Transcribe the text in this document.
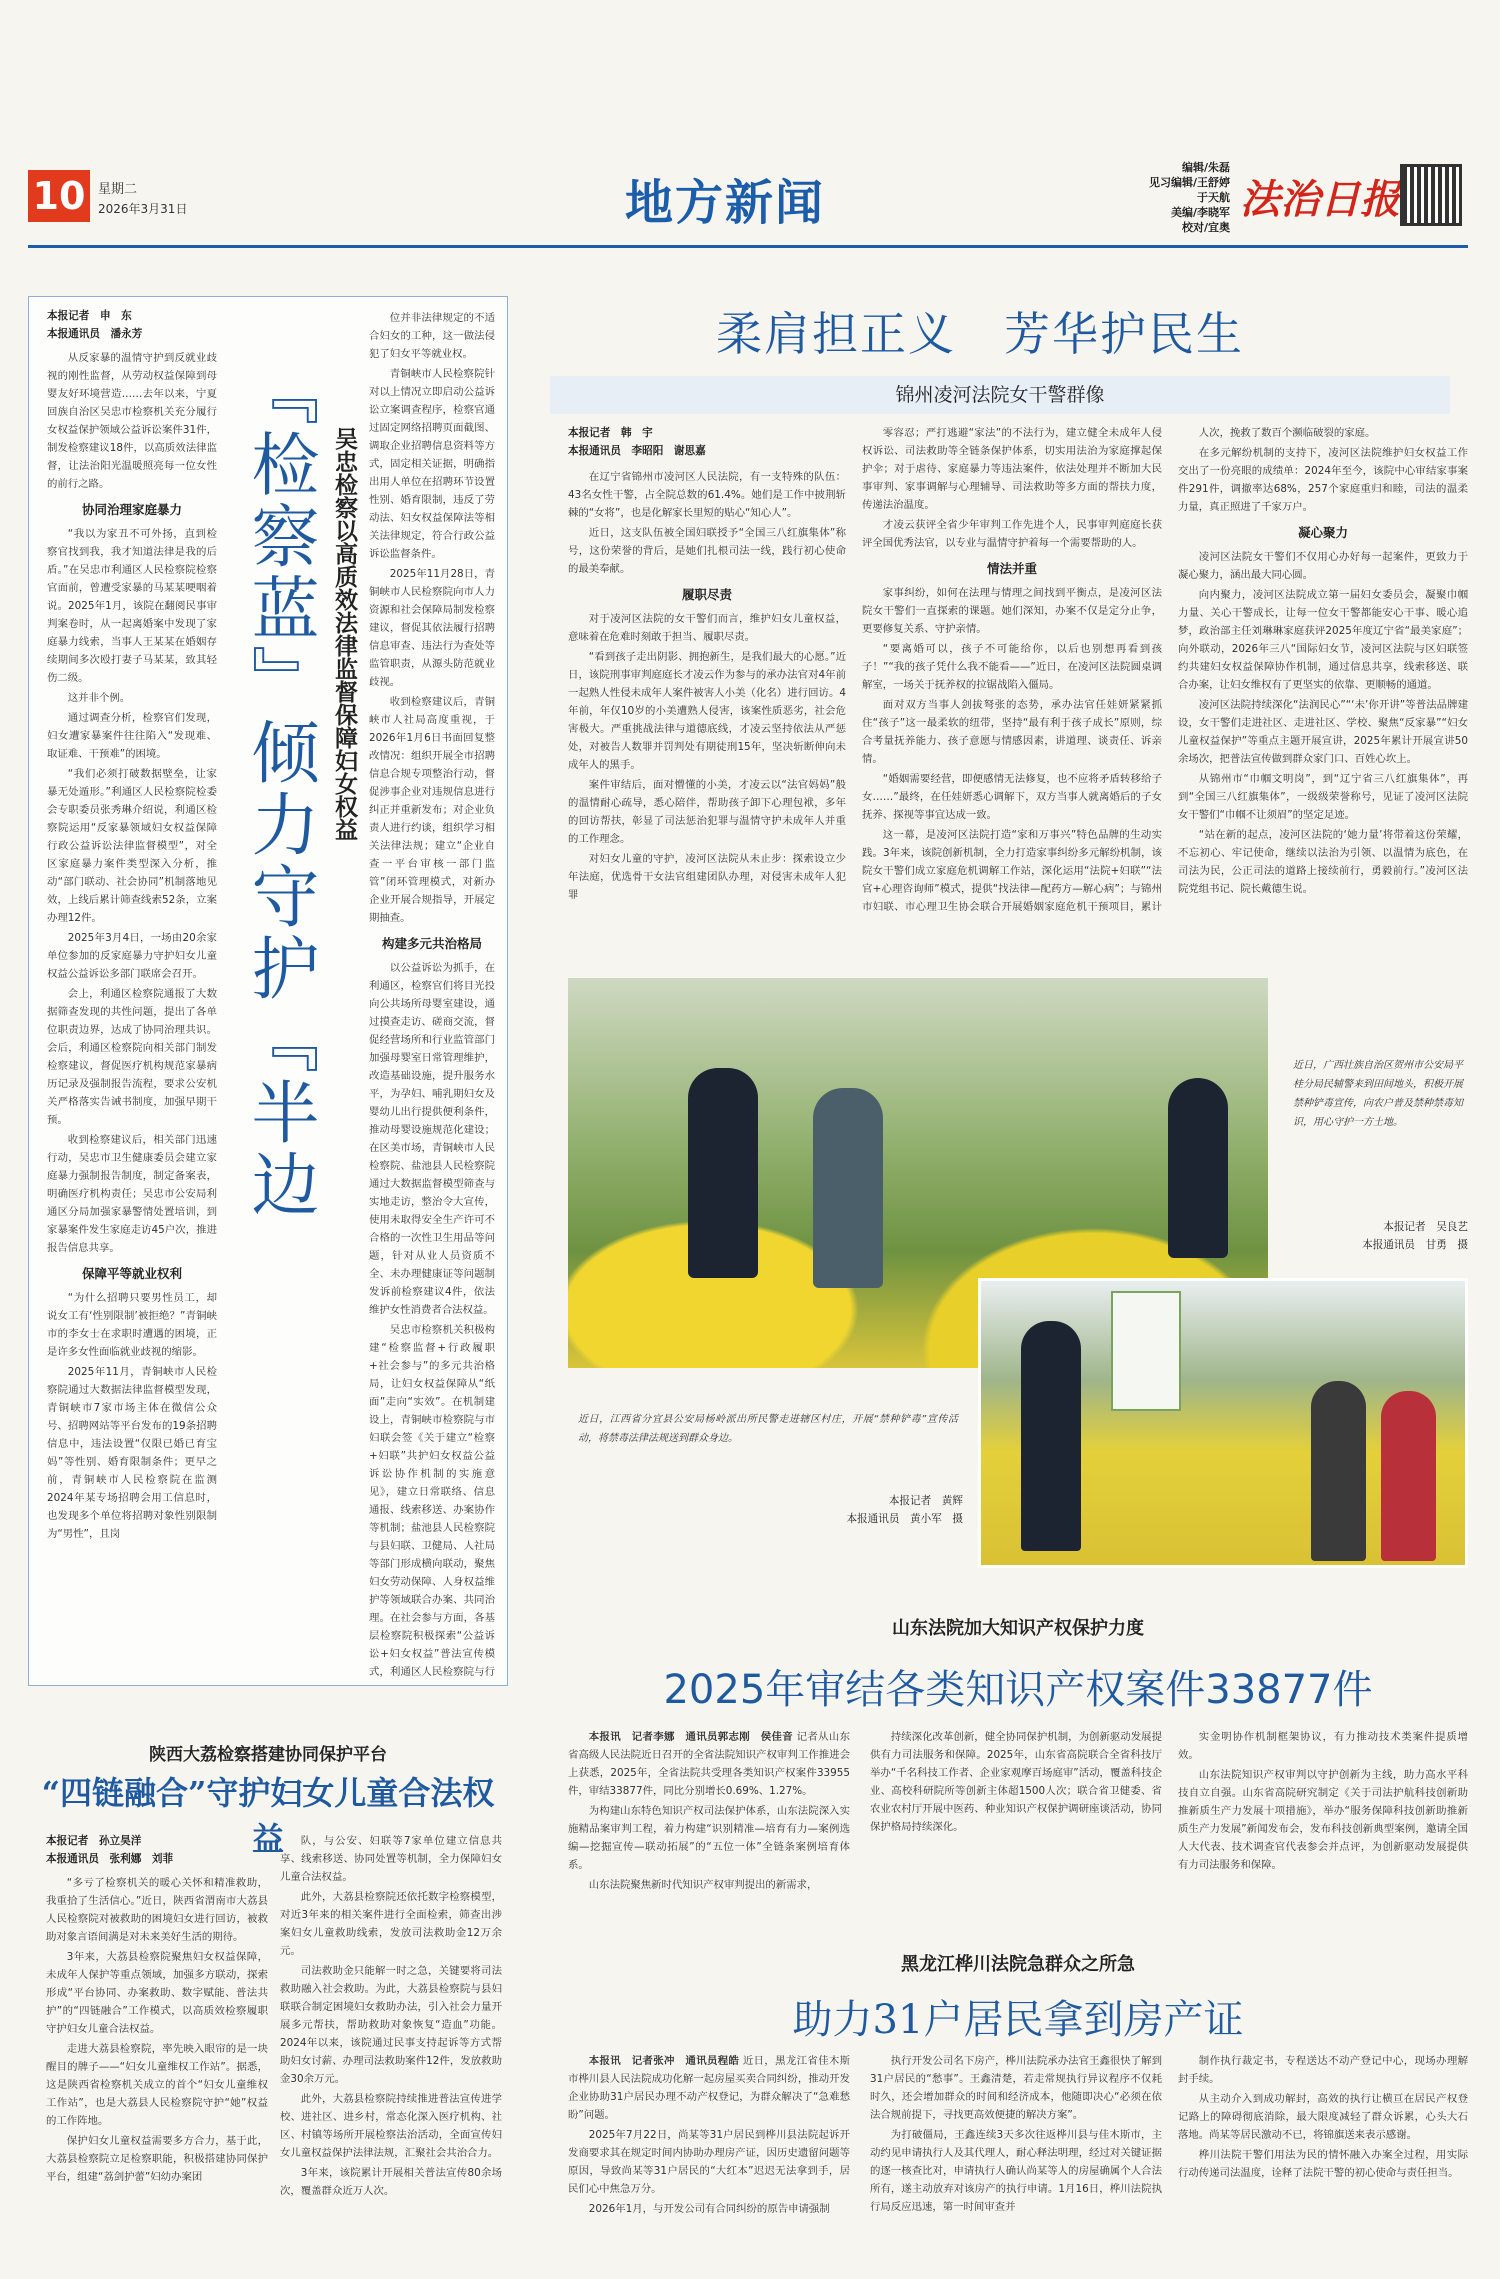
10 星期二
2026年3月31日	地方新闻
编辑/朱磊
见习编辑/王舒婷
于天航
美编/李晓军
校对/宜奥
法治日报
本报记者　申　东
本报通讯员　潘永芳

从反家暴的温情守护到反就业歧视的刚性监督，从劳动权益保障到母婴友好环境营造……去年以来，宁夏回族自治区吴忠市检察机关充分履行女权益保护领域公益诉讼案件31件，制发检察建议18件，以高质效法律监督，让法治阳光温暖照亮每一位女性的前行之路。

协同治理家庭暴力

“我以为家丑不可外扬，直到检察官找到我，我才知道法律是我的后盾。”在吴忠市利通区人民检察院检察官面前，曾遭受家暴的马某某哽咽着说。2025年1月，该院在翻阅民事审判案卷时，从一起离婚案中发现了家庭暴力线索，当事人王某某在婚姻存续期间多次殴打妻子马某某，致其轻伤二级。

这并非个例。

通过调查分析，检察官们发现，妇女遭家暴案件往往陷入“发现难、取证难、干预难”的困境。

“我们必须打破数据壁垒，让家暴无处遁形。”利通区人民检察院检委会专职委员张秀琳介绍说，利通区检察院运用“反家暴领域妇女权益保障行政公益诉讼法律监督模型”，对全区家庭暴力案件类型深入分析，推动“部门联动、社会协同”机制落地见效，上线后累计筛查线索52条，立案办理12件。

2025年3月4日，一场由20余家单位参加的反家庭暴力守护妇女儿童权益公益诉讼多部门联席会召开。

会上，利通区检察院通报了大数据筛查发现的共性问题，提出了各单位职责边界，达成了协同治理共识。会后，利通区检察院向相关部门制发检察建议，督促医疗机构规范家暴病历记录及强制报告流程，要求公安机关严格落实告诫书制度，加强早期干预。

收到检察建议后，相关部门迅速行动，吴忠市卫生健康委员会建立家庭暴力强制报告制度，制定备案表，明确医疗机构责任；吴忠市公安局利通区分局加强家暴警情处置培训，到家暴案件发生家庭走访45户次，推进报告信息共享。

保障平等就业权利

“为什么招聘只要男性员工，却说女工有‘性别限制’被拒绝？”青铜峡市的李女士在求职时遭遇的困境，正是许多女性面临就业歧视的缩影。

2025年11月，青铜峡市人民检察院通过大数据法律监督模型发现，青铜峡市7家市场主体在微信公众号、招聘网站等平台发布的19条招聘信息中，违法设置“仅限已婚已育宝妈”等性别、婚育限制条件；更早之前，青铜峡市人民检察院在监测2024年某专场招聘会用工信息时，也发现多个单位将招聘对象性别限制为“男性”，且岗

『检察蓝』倾力守护『半边
吴忠检察以高质效法律监督保障妇女权益

位并非法律规定的不适合妇女的工种，这一做法侵犯了妇女平等就业权。

青铜峡市人民检察院针对以上情况立即启动公益诉讼立案调查程序，检察官通过固定网络招聘页面截图、调取企业招聘信息资料等方式，固定相关证据，明确指出用人单位在招聘环节设置性别、婚育限制，违反了劳动法、妇女权益保障法等相关法律规定，符合行政公益诉讼监督条件。

2025年11月28日，青铜峡市人民检察院向市人力资源和社会保障局制发检察建议，督促其依法履行招聘信息审查、违法行为查处等监管职责，从源头防范就业歧视。

收到检察建议后，青铜峡市人社局高度重视，于2026年1月6日书面回复整改情况：组织开展全市招聘信息合规专项整治行动，督促涉事企业对违规信息进行纠正并重新发布；对企业负责人进行约谈，组织学习相关法律法规；建立“企业自查一平台审核一部门监管”闭环管理模式，对新办企业开展合规指导，开展定期抽查。

构建多元共治格局

以公益诉讼为抓手，在利通区，检察官们将目光投向公共场所母婴室建设，通过摸查走访、磋商交流，督促经营场所和行业监管部门加强母婴室日常管理维护，改造基础设施，提升服务水平，为孕妇、哺乳期妇女及婴幼儿出行提供便利条件，推动母婴设施规范化建设；在区美市场，青铜峡市人民检察院、盐池县人民检察院通过大数据监督模型筛查与实地走访，整治令大宣传，使用未取得安全生产许可不合格的一次性卫生用品等问题，针对从业人员资质不全、未办理健康证等问题制发诉前检察建议4件，依法维护女性消费者合法权益。

吴忠市检察机关积极构建“检察监督+行政履职+社会参与”的多元共治格局，让妇女权益保障从“纸面”走向“实效”。在机制建设上，青铜峡市检察院与市妇联会签《关于建立“检察+妇联”共护妇女权益公益诉讼协作机制的实施意见》，建立日常联络、信息通报、线索移送、办案协作等机制；盐池县人民检察院与县妇联、卫健局、人社局等部门形成横向联动，聚焦妇女劳动保障、人身权益维护等领域联合办案、共同治理。在社会参与方面，各基层检察院积极探索“公益诉讼+妇女权益”普法宣传模式，利通区人民检察院与行

陕西大荔检察搭建协同保护平台
“四链融合”守护妇女儿童合法权益
本报记者　孙立昊洋
本报通讯员　张利娜　刘菲

“多亏了检察机关的暖心关怀和精准救助，我重拾了生活信心。”近日，陕西省渭南市大荔县人民检察院对被救助的困境妇女进行回访，被救助对象言语间满是对未来美好生活的期待。

3年来，大荔县检察院聚焦妇女权益保障，未成年人保护等重点领域，加强多方联动，探索形成“平台协同、办案救助、数字赋能、普法共护”的“四链融合”工作模式，以高质效检察履职守护妇女儿童合法权益。

走进大荔县检察院，率先映入眼帘的是一块醒目的牌子——“妇女儿童维权工作站”。据悉，这是陕西省检察机关成立的首个“妇女儿童维权工作站”，也是大荔县人民检察院守护“她”权益的工作阵地。

保护妇女儿童权益需要多方合力，基于此，大荔县检察院立足检察职能，积极搭建协同保护平台，组建“荔剑护蕾”妇幼办案团

队，与公安、妇联等7家单位建立信息共享、线索移送、协同处置等机制，全力保障妇女儿童合法权益。

此外，大荔县检察院还依托数字检察模型，对近3年来的相关案件进行全面检索，筛查出涉案妇女儿童救助线索，发放司法救助金12万余元。

司法救助金只能解一时之急，关键要将司法救助融入社会救助。为此，大荔县检察院与县妇联联合制定困境妇女救助办法，引入社会力量开展多元帮扶，帮助救助对象恢复“造血”功能。2024年以来，该院通过民事支持起诉等方式帮助妇女讨薪、办理司法救助案件12件，发放救助金30余万元。

此外，大荔县检察院持续推进普法宣传进学校、进社区、进乡村，常态化深入医疗机构、社区、村镇等场所开展检察法治活动，全面宣传妇女儿童权益保护法律法规，汇聚社会共治合力。

3年来，该院累计开展相关普法宣传80余场次，覆盖群众近万人次。

柔肩担正义　芳华护民生
锦州凌河法院女干警群像
本报记者　韩　宇
本报通讯员　李昭阳　谢思嘉

在辽宁省锦州市凌河区人民法院，有一支特殊的队伍：43名女性干警，占全院总数的61.4%。她们是工作中披荆斩棘的“女将”，也是化解家长里短的贴心“知心人”。

近日，这支队伍被全国妇联授予“全国三八红旗集体”称号，这份荣誉的背后，是她们扎根司法一线，践行初心使命的最美奉献。

履职尽责

对于凌河区法院的女干警们而言，维护妇女儿童权益，意味着在危难时刻敢于担当、履职尽责。

“看到孩子走出阴影、拥抱新生，是我们最大的心愿。”近日，该院刑事审判庭庭长才凌云作为参与的承办法官对4年前一起熟人性侵未成年人案件被害人小美（化名）进行回访。4年前，年仅10岁的小美遭熟人侵害，该案性质恶劣，社会危害极大。严重挑战法律与道德底线，才凌云坚持依法从严惩处，对被告人数罪并罚判处有期徒刑15年，坚决斩断伸向未成年人的黑手。

案件审结后，面对懵懂的小美，才凌云以“法官妈妈”般的温情耐心疏导，悉心陪伴，帮助孩子卸下心理包袱，多年的回访帮扶，彰显了司法惩治犯罪与温情守护未成年人并重的工作理念。

对妇女儿童的守护，凌河区法院从未止步：探索设立少年法庭，优选骨干女法官组建团队办理，对侵害未成年人犯罪

零容忍；严打逃避“家法”的不法行为，建立健全未成年人侵权诉讼、司法救助等全链条保护体系，切实用法治为家庭撑起保护伞；对于虐待、家庭暴力等违法案件，依法处理并不断加大民事审判、家事调解与心理辅导、司法救助等多方面的帮扶力度，传递法治温度。

才凌云获评全省少年审判工作先进个人，民事审判庭庭长获评全国优秀法官，以专业与温情守护着每一个需要帮助的人。

情法并重

家事纠纷，如何在法理与情理之间找到平衡点，是凌河区法院女干警们一直探索的课题。她们深知，办案不仅是定分止争，更要修复关系、守护亲情。

“要离婚可以，孩子不可能给你，以后也别想再看到孩子！”“我的孩子凭什么我不能看——”近日，在凌河区法院圆桌调解室，一场关于抚养权的拉锯战陷入僵局。

面对双方当事人剑拔弩张的态势，承办法官任娃妍紧紧抓住“孩子”这一最柔软的纽带，坚持“最有利于孩子成长”原则，综合考量抚养能力、孩子意愿与情感因素，讲道理、谈责任、诉亲情。

“婚姻需要经营，即便感情无法修复，也不应将矛盾转移给子女……”最终，在任娃妍悉心调解下，双方当事人就离婚后的子女抚养、探视等事宜达成一致。

这一幕，是凌河区法院打造“家和万事兴”特色品牌的生动实践。3年来，该院创新机制，全力打造家事纠纷多元解纷机制，该院女干警们成立家庭危机调解工作站，深化运用“法院+妇联”“法官+心理咨询师”模式，提供“找法律—配药方—解心病”；与锦州市妇联、市心理卫生协会联合开展婚姻家庭危机干预项目，累计

人次，挽救了数百个濒临破裂的家庭。

在多元解纷机制的支持下，凌河区法院维护妇女权益工作交出了一份亮眼的成绩单：2024年至今，该院中心审结家事案件291件，调撤率达68%，257个家庭重归和睦，司法的温柔力量，真正照进了千家万户。

凝心聚力

凌河区法院女干警们不仅用心办好每一起案件，更致力于凝心聚力，涵出最大同心圆。

向内聚力，凌河区法院成立第一届妇女委员会，凝聚巾帼力量、关心干警成长，让每一位女干警都能安心干事、暖心追梦，政治部主任刘琳琳家庭获评2025年度辽宁省“最美家庭”；向外联动，2026年三八“国际妇女节，凌河区法院与区妇联签约共建妇女权益保障协作机制，通过信息共享，线索移送、联合办案，让妇女维权有了更坚实的依靠、更顺畅的通道。

凌河区法院持续深化“法润民心”“‘未’你开讲”等普法品牌建设，女干警们走进社区、走进社区、学校、聚焦“反家暴”“妇女儿童权益保护”等重点主题开展宣讲，2025年累计开展宣讲50余场次，把普法宣传做到群众家门口、百姓心坎上。

从锦州市“巾帼文明岗”，到“辽宁省三八红旗集体”，再到“全国三八红旗集体”，一级级荣誉称号，见证了凌河区法院女干警们“巾帼不让须眉”的坚定足迹。

“站在新的起点，凌河区法院的‘她力量’将带着这份荣耀，不忘初心、牢记使命，继续以法治为引领、以温情为底色，在司法为民，公正司法的道路上接续前行，勇毅前行。”凌河区法院党组书记、院长戴德生说。

近日，广西壮族自治区贺州市公安局平桂分局民辅警来到田间地头，积极开展禁种铲毒宣传，向农户普及禁种禁毒知识，用心守护一方土地。
本报记者　吴良艺
本报通讯员　甘勇　摄
近日，江西省分宜县公安局杨岭派出所民警走进辖区村庄，开展“禁种铲毒”宣传活动，将禁毒法律法规送到群众身边。
本报记者　黄辉
本报通讯员　黄小军　摄
山东法院加大知识产权保护力度
2025年审结各类知识产权案件33877件

本报讯　记者李娜　通讯员郭志刚　侯佳音 记者从山东省高级人民法院近日召开的全省法院知识产权审判工作推进会上获悉，2025年，全省法院共受理各类知识产权案件33955件，审结33877件，同比分别增长0.69%、1.27%。

为构建山东特色知识产权司法保护体系，山东法院深入实施精品案审判工程，着力构建“识别精准—培育有力—案例选编—挖掘宣传—联动拓展”的“五位一体”全链条案例培育体系。

山东法院聚焦新时代知识产权审判提出的新需求，

持续深化改革创新，健全协同保护机制，为创新驱动发展提供有力司法服务和保障。2025年，山东省高院联合全省科技厅举办“千名科技工作者、企业家观摩百场庭审”活动，覆盖科技企业、高校科研院所等创新主体超1500人次；联合省卫健委、省农业农村厅开展中医药、种业知识产权保护调研座谈活动，协同保护格局持续深化。

实金明协作机制框架协议，有力推动技术类案件提质增效。

山东法院知识产权审判以守护创新为主线，助力高水平科技自立自强。山东省高院研究制定《关于司法护航科技创新助推新质生产力发展十项措施》，举办“服务保障科技创新助推新质生产力发展”新闻发布会，发布科技创新典型案例，邀请全国人大代表、技术调查官代表参会并点评，为创新驱动发展提供有力司法服务和保障。

黑龙江桦川法院急群众之所急
助力31户居民拿到房产证

本报讯　记者张冲　通讯员程皓 近日，黑龙江省佳木斯市桦川县人民法院成功化解一起房屋买卖合同纠纷，推动开发企业协助31户居民办理不动产权登记，为群众解决了“急难愁盼”问题。

2025年7月22日，尚某等31户居民到桦川县法院起诉开发商要求其在规定时间内协助办理房产证，因历史遗留问题等原因，导致尚某等31户居民的“大红本”迟迟无法拿到手，居民们心中焦急万分。

2026年1月，与开发公司有合同纠纷的原告申请强制

执行开发公司名下房产，桦川法院承办法官王鑫很快了解到31户居民的“愁事”。王鑫清楚，若走常规执行异议程序不仅耗时久，还会增加群众的时间和经济成本，他随即决心“必须在依法合规前提下，寻找更高效便捷的解决方案”。

为打破僵局，王鑫连续3天多次往返桦川县与佳木斯市，主动约见申请执行人及其代理人，耐心释法明理，经过对关键证据的逐一核查比对，申请执行人确认尚某等人的房屋确属个人合法所有，遂主动放弃对该房产的执行申请。1月16日，桦川法院执行局反应迅速，第一时间审查并

制作执行裁定书，专程送达不动产登记中心，现场办理解封手续。

从主动介入到成功解封，高效的执行让横亘在居民产权登记路上的障碍彻底消除，最大限度减轻了群众诉累，心头大石落地。尚某等居民激动不已，将锦旗送来表示感谢。

桦川法院干警们用法为民的情怀融入办案全过程，用实际行动传递司法温度，诠释了法院干警的初心使命与责任担当。
